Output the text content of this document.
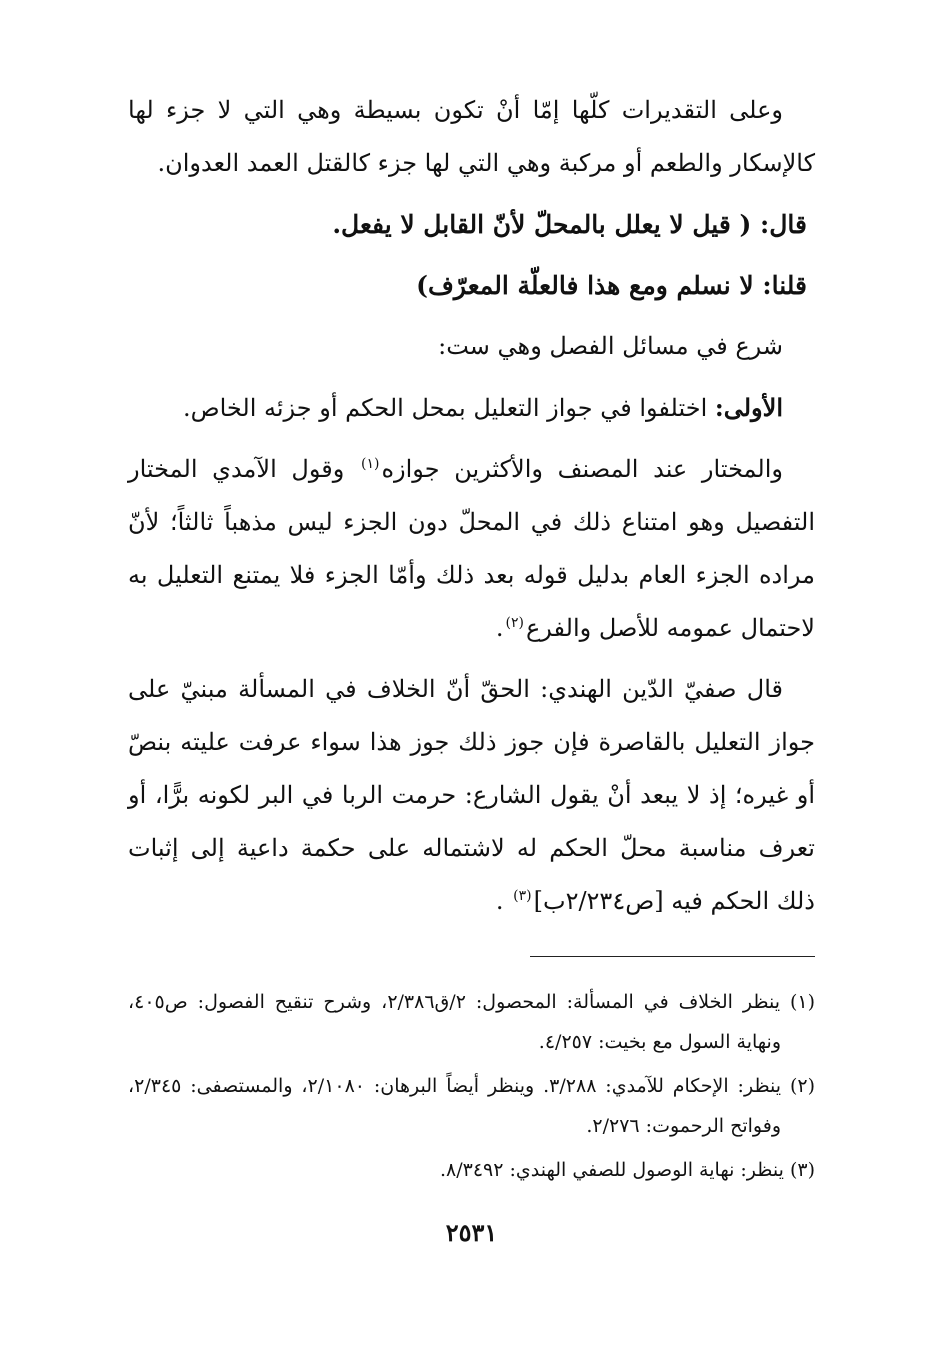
وعلى التقديرات كلّها إمّا أنْ تكون بسيطة وهي التي لا جزء لها كالإسكار والطعم أو مركبة وهي التي لها جزء كالقتل العمد العدوان.

قال: ( قيل لا يعلل بالمحلّ لأنّ القابل لا يفعل.

قلنا: لا نسلم ومع هذا فالعلّة المعرّف)

شرع في مسائل الفصل وهي ست:

الأولى: اختلفوا في جواز التعليل بمحل الحكم أو جزئه الخاص.

والمختار عند المصنف والأكثرين جوازه$^{(١)}$ وقول الآمدي المختار التفصيل وهو امتناع ذلك في المحلّ دون الجزء ليس مذهباً ثالثاً؛ لأنّ مراده الجزء العام بدليل قوله بعد ذلك وأمّا الجزء فلا يمتنع التعليل به لاحتمال عمومه للأصل والفرع$^{(٢)}$.

قال صفيّ الدّين الهندي: الحقّ أنّ الخلاف في المسألة مبنيّ على جواز التعليل بالقاصرة فإن جوز ذلك جوز هذا سواء عرفت عليته بنصّ أو غيره؛ إذ لا يبعد أنْ يقول الشارع: حرمت الربا في البر لكونه برًّا، أو تعرف مناسبة محلّ الحكم له لاشتماله على حكمة داعية إلى إثبات ذلك الحكم فيه [ص٢/٢٣٤ب]$^{(٣)}$ .

(١) ينظر الخلاف في المسألة: المحصول: ٢/ق٢/٣٨٦، وشرح تنقيح الفصول: ص٤٠٥، ونهاية السول مع بخيت: ٤/٢٥٧.

(٢) ينظر: الإحكام للآمدي: ٣/٢٨٨. وينظر أيضاً البرهان: ٢/١٠٨٠، والمستصفى: ٢/٣٤٥، وفواتح الرحموت: ٢/٢٧٦.

(٣) ينظر: نهاية الوصول للصفي الهندي: ٨/٣٤٩٢.

٢٥٣١
